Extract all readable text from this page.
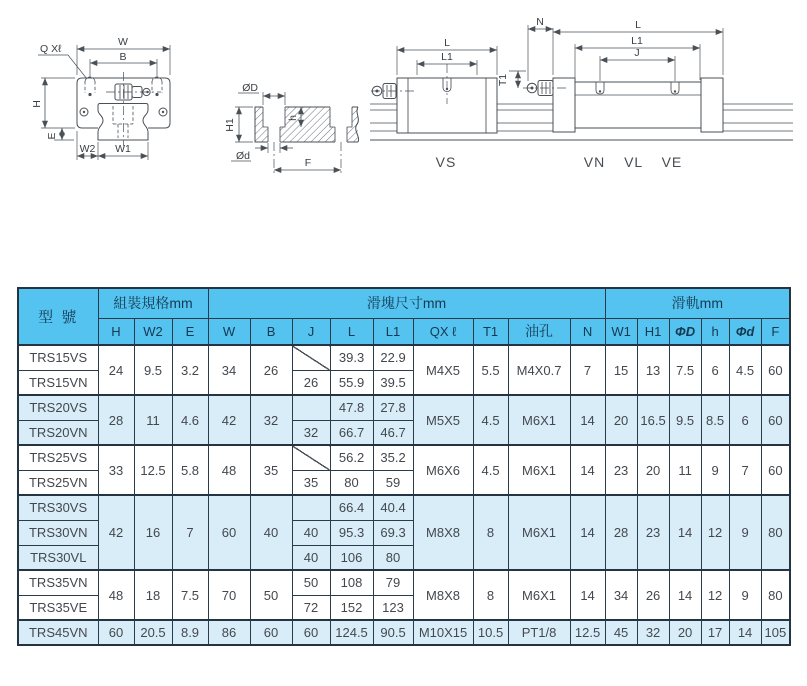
W
B
Q Xℓ
H
E
W2 W1
ØD
H1
h
Ød
F
L
L1
VS
J
L1
L
N
T1
VN VL VE
型 號	組裝規格mm			滑塊尺寸mm									滑軌mm					
	H	W2	E	W	B	J	L	L1	QX ℓ	T1	油孔	N	W1	H1	ΦD	h	Φd	F
TRS15VS	24	9.5	3.2	34	26		39.3	22.9	M4X5	5.5	M4X0.7	7	15	13	7.5	6	4.5	60
TRS15VN						26	55.9	39.5										
TRS20VS	28	11	4.6	42	32		47.8	27.8	M5X5	4.5	M6X1	14	20	16.5	9.5	8.5	6	60
TRS20VN						32	66.7	46.7										
TRS25VS	33	12.5	5.8	48	35		56.2	35.2	M6X6	4.5	M6X1	14	23	20	11	9	7	60
TRS25VN						35	80	59										
TRS30VS	42	16	7	60	40		66.4	40.4	M8X8	8	M6X1	14	28	23	14	12	9	80
TRS30VN						40	95.3	69.3										
TRS30VL						40	106	80										
TRS35VN	48	18	7.5	70	50	50	108	79	M8X8	8	M6X1	14	34	26	14	12	9	80
TRS35VE						72	152	123										
TRS45VN	60	20.5	8.9	86	60	60	124.5	90.5	M10X15	10.5	PT1/8	12.5	45	32	20	17	14	105
